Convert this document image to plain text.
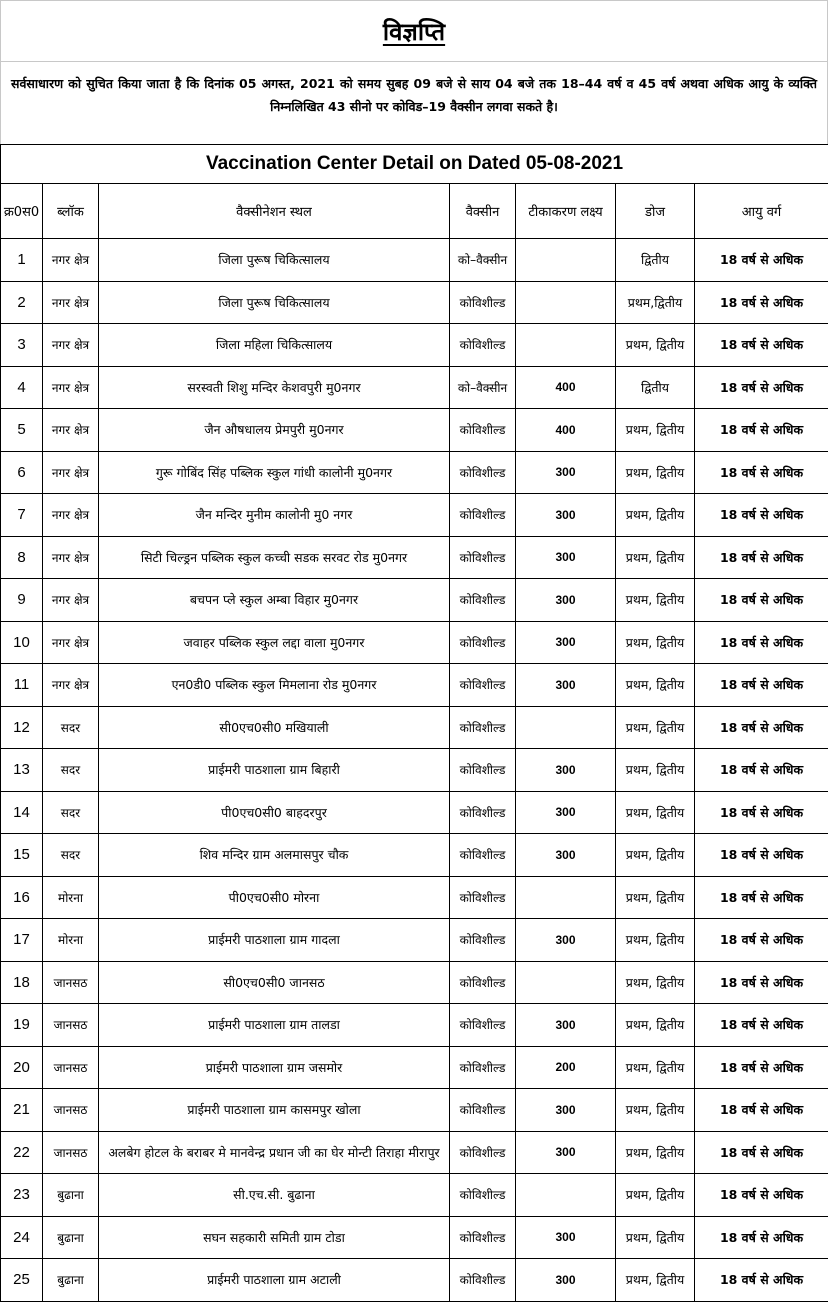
विज्ञप्ति
सर्वसाधारण को सुचित किया जाता है कि दिनांक 05 अगस्त, 2021 को समय सुबह 09 बजे से साय 04 बजे तक 18–44 वर्ष व 45 वर्ष अथवा अधिक आयु के व्यक्ति निम्नलिखित 43 सीनो पर कोविड–19 वैक्सीन लगवा सकते है।
Vaccination Center Detail on Dated 05-08-2021						
क्र0स0	ब्लॉक	वैक्सीनेशन स्थल	वैक्सीन	टीकाकरण लक्ष्य	डोज	आयु वर्ग
1	नगर क्षेत्र	जिला पुरूष चिकित्सालय	को–वैक्सीन		द्वितीय	18 वर्ष से अधिक
2	नगर क्षेत्र	जिला पुरूष चिकित्सालय	कोविशील्ड		प्रथम,द्वितीय	18 वर्ष से अधिक
3	नगर क्षेत्र	जिला महिला चिकित्सालय	कोविशील्ड		प्रथम, द्वितीय	18 वर्ष से अधिक
4	नगर क्षेत्र	सरस्वती शिशु मन्दिर केशवपुरी मु0नगर	को–वैक्सीन	400	द्वितीय	18 वर्ष से अधिक
5	नगर क्षेत्र	जैन औषधालय प्रेमपुरी मु0नगर	कोविशील्ड	400	प्रथम, द्वितीय	18 वर्ष से अधिक
6	नगर क्षेत्र	गुरू गोबिंद सिंह पब्लिक स्कुल गांधी कालोनी मु0नगर	कोविशील्ड	300	प्रथम, द्वितीय	18 वर्ष से अधिक
7	नगर क्षेत्र	जैन मन्दिर मुनीम कालोनी मु0 नगर	कोविशील्ड	300	प्रथम, द्वितीय	18 वर्ष से अधिक
8	नगर क्षेत्र	सिटी चिल्ड्रन पब्लिक स्कुल कच्ची सडक सरवट रोड मु0नगर	कोविशील्ड	300	प्रथम, द्वितीय	18 वर्ष से अधिक
9	नगर क्षेत्र	बचपन प्ले स्कुल अम्बा विहार मु0नगर	कोविशील्ड	300	प्रथम, द्वितीय	18 वर्ष से अधिक
10	नगर क्षेत्र	जवाहर पब्लिक स्कुल लद्दा वाला मु0नगर	कोविशील्ड	300	प्रथम, द्वितीय	18 वर्ष से अधिक
11	नगर क्षेत्र	एन0डी0 पब्लिक स्कुल मिमलाना रोड मु0नगर	कोविशील्ड	300	प्रथम, द्वितीय	18 वर्ष से अधिक
12	सदर	सी0एच0सी0 मखियाली	कोविशील्ड		प्रथम, द्वितीय	18 वर्ष से अधिक
13	सदर	प्राईमरी पाठशाला ग्राम बिहारी	कोविशील्ड	300	प्रथम, द्वितीय	18 वर्ष से अधिक
14	सदर	पी0एच0सी0 बाहदरपुर	कोविशील्ड	300	प्रथम, द्वितीय	18 वर्ष से अधिक
15	सदर	शिव मन्दिर ग्राम अलमासपुर चौक	कोविशील्ड	300	प्रथम, द्वितीय	18 वर्ष से अधिक
16	मोरना	पी0एच0सी0 मोरना	कोविशील्ड		प्रथम, द्वितीय	18 वर्ष से अधिक
17	मोरना	प्राईमरी पाठशाला ग्राम गादला	कोविशील्ड	300	प्रथम, द्वितीय	18 वर्ष से अधिक
18	जानसठ	सी0एच0सी0 जानसठ	कोविशील्ड		प्रथम, द्वितीय	18 वर्ष से अधिक
19	जानसठ	प्राईमरी पाठशाला ग्राम तालडा	कोविशील्ड	300	प्रथम, द्वितीय	18 वर्ष से अधिक
20	जानसठ	प्राईमरी पाठशाला ग्राम जसमोर	कोविशील्ड	200	प्रथम, द्वितीय	18 वर्ष से अधिक
21	जानसठ	प्राईमरी पाठशाला ग्राम कासमपुर खोला	कोविशील्ड	300	प्रथम, द्वितीय	18 वर्ष से अधिक
22	जानसठ	अलबेग होटल के बराबर मे मानवेन्द्र प्रधान जी का घेर मोन्टी तिराहा मीरापुर	कोविशील्ड	300	प्रथम, द्वितीय	18 वर्ष से अधिक
23	बुढाना	सी.एच.सी. बुढाना	कोविशील्ड		प्रथम, द्वितीय	18 वर्ष से अधिक
24	बुढाना	सघन सहकारी समिती ग्राम टोडा	कोविशील्ड	300	प्रथम, द्वितीय	18 वर्ष से अधिक
25	बुढाना	प्राईमरी पाठशाला ग्राम अटाली	कोविशील्ड	300	प्रथम, द्वितीय	18 वर्ष से अधिक
